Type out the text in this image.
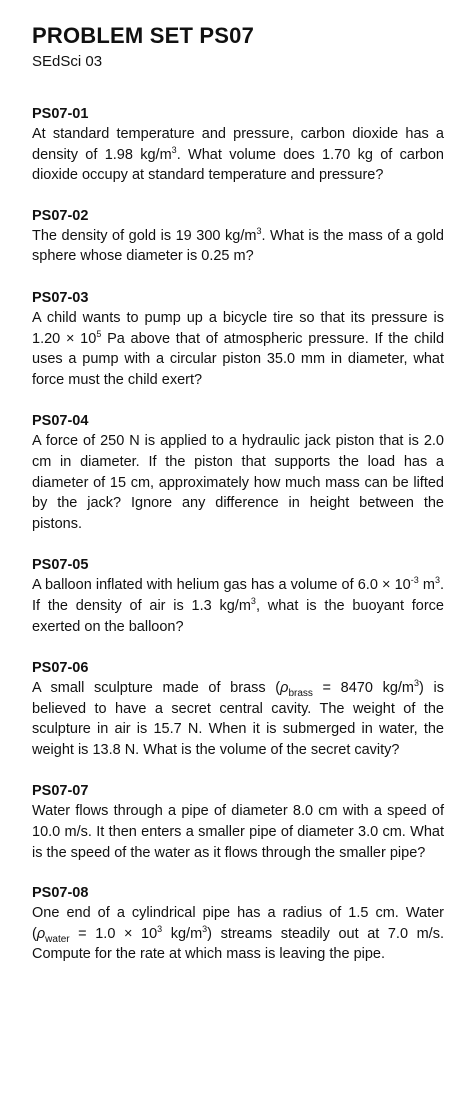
PROBLEM SET PS07

SEdSci 03

PS07-01

At standard temperature and pressure, carbon dioxide has a density of 1.98 $kg/m^3$. What volume does 1.70 kg of carbon dioxide occupy at standard temperature and pressure?

PS07-02

The density of gold is 19 300 $kg/m^3$. What is the mass of a gold sphere whose diameter is 0.25 m?

PS07-03

A child wants to pump up a bicycle tire so that its pressure is $1.20 \times 10^5$ Pa above that of atmospheric pressure. If the child uses a pump with a circular piston 35.0 mm in diameter, what force must the child exert?

PS07-04

A force of 250 N is applied to a hydraulic jack piston that is 2.0 cm in diameter. If the piston that supports the load has a diameter of 15 cm, approximately how much mass can be lifted by the jack? Ignore any difference in height between the pistons.

PS07-05

A balloon inflated with helium gas has a volume of $6.0 \times 10^{-3}$ $m^3$. If the density of air is 1.3 $kg/m^3$, what is the buoyant force exerted on the balloon?

PS07-06

A small sculpture made of brass ($\rho_{brass} = 8470$ $kg/m^3$) is believed to have a secret central cavity. The weight of the sculpture in air is 15.7 N. When it is submerged in water, the weight is 13.8 N. What is the volume of the secret cavity?

PS07-07

Water flows through a pipe of diameter 8.0 cm with a speed of 10.0 m/s. It then enters a smaller pipe of diameter 3.0 cm. What is the speed of the water as it flows through the smaller pipe?

PS07-08

One end of a cylindrical pipe has a radius of 1.5 cm. Water ($\rho_{water} = 1.0 \times 10^3$ $kg/m^3$) streams steadily out at 7.0 m/s. Compute for the rate at which mass is leaving the pipe.
